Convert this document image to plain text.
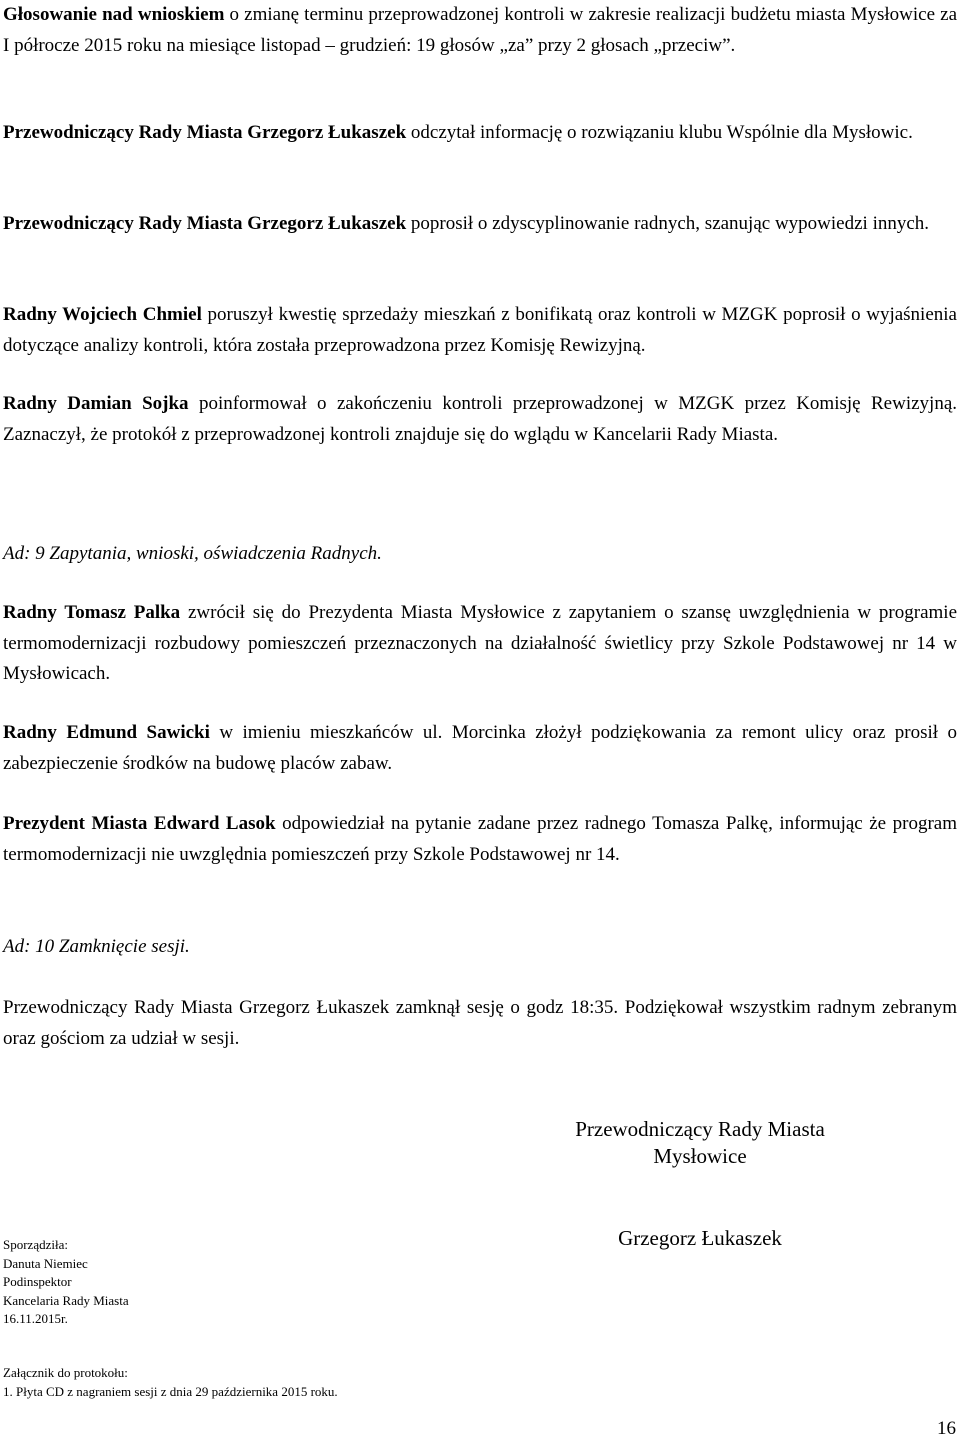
Głosowanie nad wnioskiem o zmianę terminu przeprowadzonej kontroli w zakresie realizacji budżetu miasta Mysłowice za I półrocze 2015 roku na miesiące listopad – grudzień: 19 głosów „za” przy 2 głosach „przeciw”.

Przewodniczący Rady Miasta Grzegorz Łukaszek odczytał informację o rozwiązaniu klubu Wspólnie dla Mysłowic.

Przewodniczący Rady Miasta Grzegorz Łukaszek poprosił o zdyscyplinowanie radnych, szanując wypowiedzi innych.

Radny Wojciech Chmiel poruszył kwestię sprzedaży mieszkań z bonifikatą oraz kontroli w MZGK poprosił o wyjaśnienia dotyczące analizy kontroli, która została przeprowadzona przez Komisję Rewizyjną.

Radny Damian Sojka poinformował o zakończeniu kontroli przeprowadzonej w MZGK przez Komisję Rewizyjną. Zaznaczył, że protokół z przeprowadzonej kontroli znajduje się do wglądu w Kancelarii Rady Miasta.

Ad: 9 Zapytania, wnioski, oświadczenia Radnych.

Radny Tomasz Palka zwrócił się do Prezydenta Miasta Mysłowice z zapytaniem o szansę uwzględnienia w programie termomodernizacji rozbudowy pomieszczeń przeznaczonych na działalność świetlicy przy Szkole Podstawowej nr 14 w Mysłowicach.

Radny Edmund Sawicki w imieniu mieszkańców ul. Morcinka złożył podziękowania za remont ulicy oraz prosił o zabezpieczenie środków na budowę placów zabaw.

Prezydent Miasta Edward Lasok odpowiedział na pytanie zadane przez radnego Tomasza Palkę, informując że program termomodernizacji nie uwzględnia pomieszczeń przy Szkole Podstawowej nr 14.

Ad: 10 Zamknięcie sesji.

Przewodniczący Rady Miasta Grzegorz Łukaszek zamknął sesję o godz 18:35. Podziękował wszystkim radnym zebranym oraz gościom za udział w sesji.

Przewodniczący Rady Miasta
Mysłowice
Grzegorz Łukaszek
Sporządziła:
Danuta Niemiec
Podinspektor
Kancelaria Rady Miasta
16.11.2015r.
Załącznik do protokołu:
1. Płyta CD z nagraniem sesji z dnia 29 października 2015 roku.
16
